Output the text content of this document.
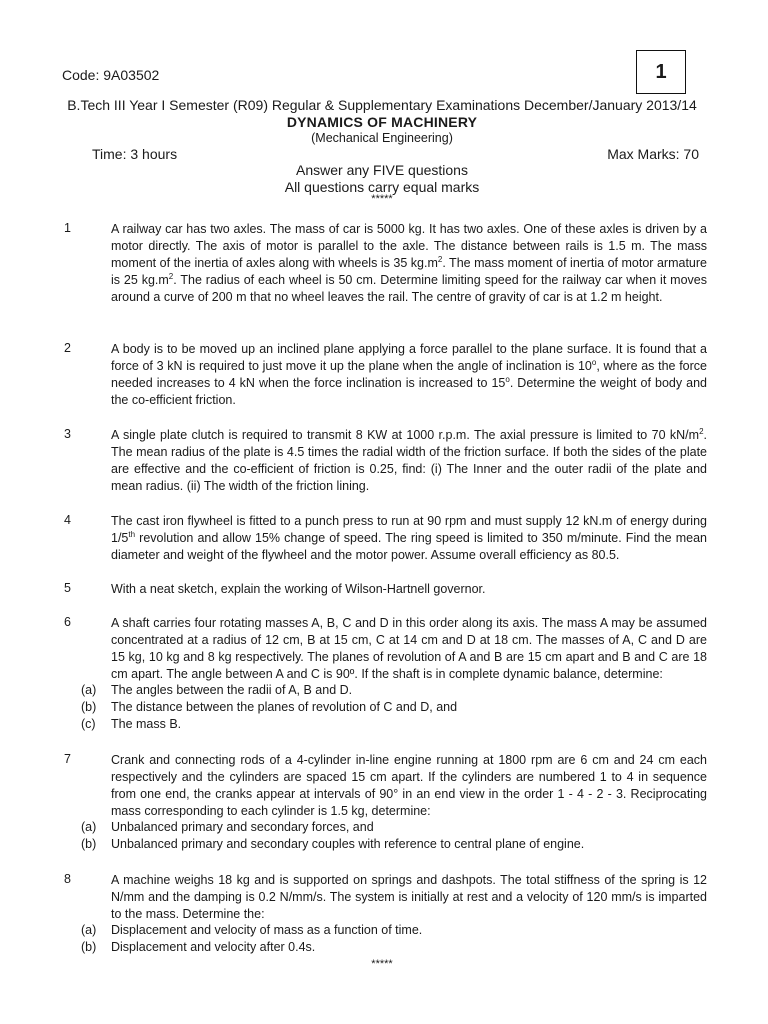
Code: 9A03502	1
B.Tech III Year I Semester (R09) Regular & Supplementary Examinations December/January 2013/14
DYNAMICS OF MACHINERY
(Mechanical Engineering)
Time: 3 hours	Max Marks: 70
Answer any FIVE questions
All questions carry equal marks
*****
1	A railway car has two axles. The mass of car is 5000 kg. It has two axles. One of these axles is driven by a motor directly. The axis of motor is parallel to the axle. The distance between rails is 1.5 m. The mass moment of the inertia of axles along with wheels is 35 $kg.m^2$. The mass moment of inertia of motor armature is 25 $kg.m^2$. The radius of each wheel is 50 cm. Determine limiting speed for the railway car when it moves around a curve of 200 m that no wheel leaves the rail. The centre of gravity of car is at 1.2 m height.
2	A body is to be moved up an inclined plane applying a force parallel to the plane surface. It is found that a force of 3 kN is required to just move it up the plane when the angle of inclination is 10$^o$, where as the force needed increases to 4 kN when the force inclination is increased to 15$^o$. Determine the weight of body and the co-efficient friction.
3	A single plate clutch is required to transmit 8 KW at 1000 r.p.m. The axial pressure is limited to 70 $kN/m^2$. The mean radius of the plate is 4.5 times the radial width of the friction surface. If both the sides of the plate are effective and the co-efficient of friction is 0.25, find: (i) The Inner and the outer radii of the plate and mean radius. (ii) The width of the friction lining.
4	The cast iron flywheel is fitted to a punch press to run at 90 rpm and must supply 12 kN.m of energy during 1/5th revolution and allow 15% change of speed. The ring speed is limited to 350 m/minute. Find the mean diameter and weight of the flywheel and the motor power. Assume overall efficiency as 80.5.
5	With a neat sketch, explain the working of Wilson-Hartnell governor.
6	A shaft carries four rotating masses A, B, C and D in this order along its axis. The mass A may be assumed concentrated at a radius of 12 cm, B at 15 cm, C at 14 cm and D at 18 cm. The masses of A, C and D are 15 kg, 10 kg and 8 kg respectively. The planes of revolution of A and B are 15 cm apart and B and C are 18 cm apart. The angle between A and C is 90º. If the shaft is in complete dynamic balance, determine:
(a) The angles between the radii of A, B and D.
(b) The distance between the planes of revolution of C and D, and
(c) The mass B.
7	Crank and connecting rods of a 4-cylinder in-line engine running at 1800 rpm are 6 cm and 24 cm each respectively and the cylinders are spaced 15 cm apart. If the cylinders are numbered 1 to 4 in sequence from one end, the cranks appear at intervals of 90° in an end view in the order 1 - 4 - 2 - 3. Reciprocating mass corresponding to each cylinder is 1.5 kg, determine:
(a) Unbalanced primary and secondary forces, and
(b) Unbalanced primary and secondary couples with reference to central plane of engine.
8	A machine weighs 18 kg and is supported on springs and dashpots. The total stiffness of the spring is 12 N/mm and the damping is 0.2 N/mm/s. The system is initially at rest and a velocity of 120 mm/s is imparted to the mass. Determine the:
(a) Displacement and velocity of mass as a function of time.
(b) Displacement and velocity after 0.4s.
*****
